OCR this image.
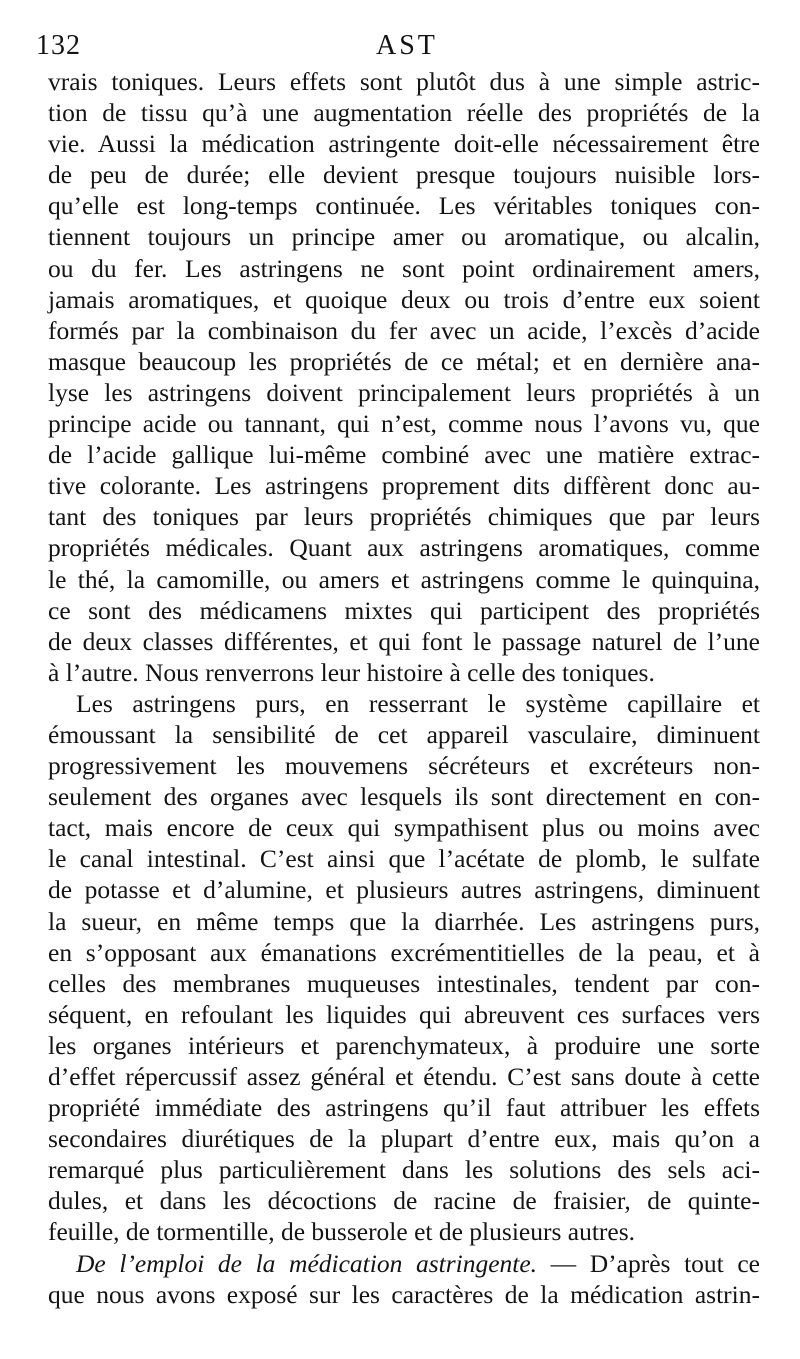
132	AST
vrais toniques. Leurs effets sont plutôt dus à une simple astric-
tion de tissu qu’à une augmentation réelle des propriétés de la
vie. Aussi la médication astringente doit-elle nécessairement être
de peu de durée; elle devient presque toujours nuisible lors-
qu’elle est long-temps continuée. Les véritables toniques con-
tiennent toujours un principe amer ou aromatique, ou alcalin,
ou du fer. Les astringens ne sont point ordinairement amers,
jamais aromatiques, et quoique deux ou trois d’entre eux soient
formés par la combinaison du fer avec un acide, l’excès d’acide
masque beaucoup les propriétés de ce métal; et en dernière ana-
lyse les astringens doivent principalement leurs propriétés à un
principe acide ou tannant, qui n’est, comme nous l’avons vu, que
de l’acide gallique lui-même combiné avec une matière extrac-
tive colorante. Les astringens proprement dits diffèrent donc au-
tant des toniques par leurs propriétés chimiques que par leurs
propriétés médicales. Quant aux astringens aromatiques, comme
le thé, la camomille, ou amers et astringens comme le quinquina,
ce sont des médicamens mixtes qui participent des propriétés
de deux classes différentes, et qui font le passage naturel de l’une
à l’autre. Nous renverrons leur histoire à celle des toniques.
Les astringens purs, en resserrant le système capillaire et
émoussant la sensibilité de cet appareil vasculaire, diminuent
progressivement les mouvemens sécréteurs et excréteurs non-
seulement des organes avec lesquels ils sont directement en con-
tact, mais encore de ceux qui sympathisent plus ou moins avec
le canal intestinal. C’est ainsi que l’acétate de plomb, le sulfate
de potasse et d’alumine, et plusieurs autres astringens, diminuent
la sueur, en même temps que la diarrhée. Les astringens purs,
en s’opposant aux émanations excrémentitielles de la peau, et à
celles des membranes muqueuses intestinales, tendent par con-
séquent, en refoulant les liquides qui abreuvent ces surfaces vers
les organes intérieurs et parenchymateux, à produire une sorte
d’effet répercussif assez général et étendu. C’est sans doute à cette
propriété immédiate des astringens qu’il faut attribuer les effets
secondaires diurétiques de la plupart d’entre eux, mais qu’on a
remarqué plus particulièrement dans les solutions des sels aci-
dules, et dans les décoctions de racine de fraisier, de quinte-
feuille, de tormentille, de busserole et de plusieurs autres.
De l’emploi de la médication astringente. — D’après tout ce
que nous avons exposé sur les caractères de la médication astrin-
